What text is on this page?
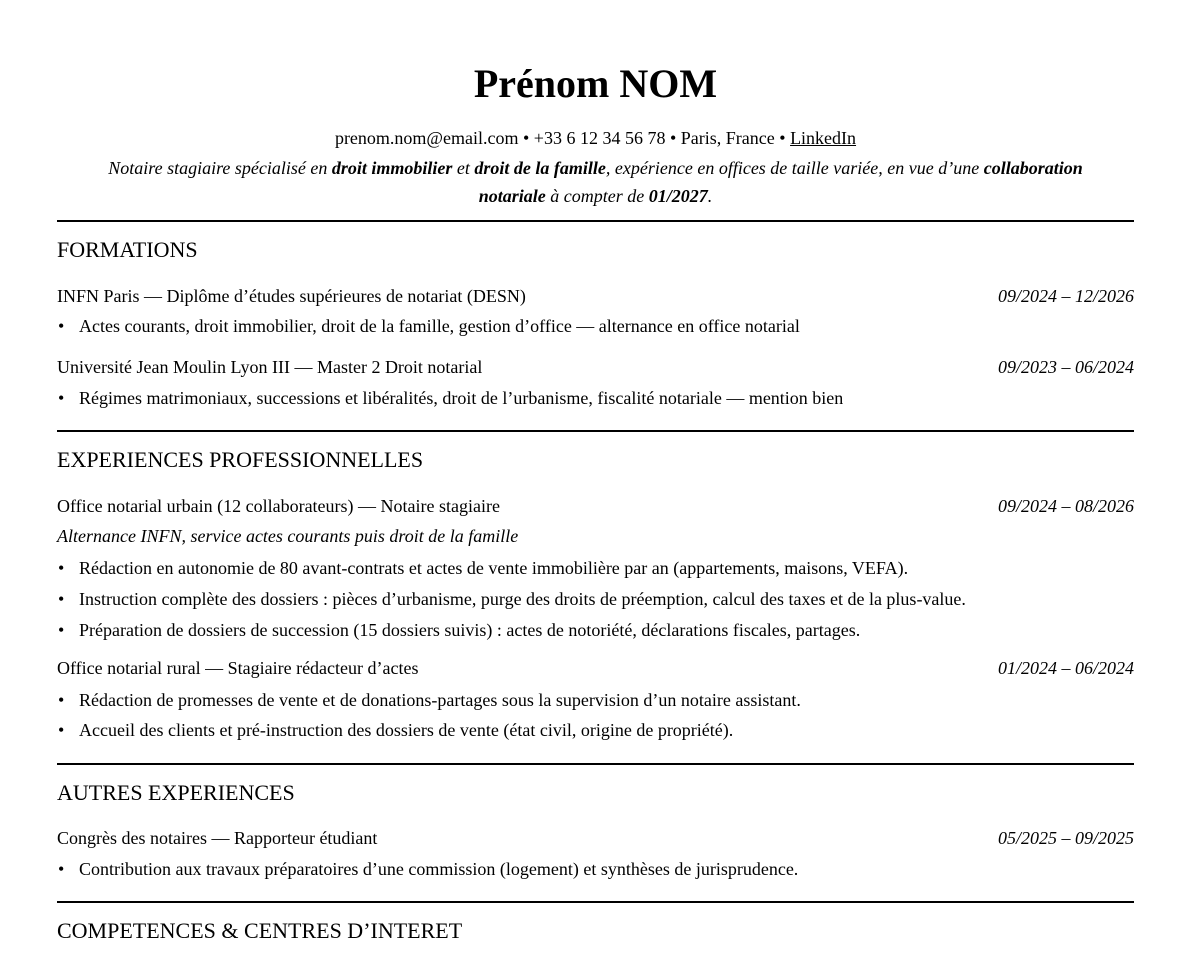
Prénom NOM
prenom.nom@email.com • +33 6 12 34 56 78 • Paris, France • LinkedIn
Notaire stagiaire spécialisé en droit immobilier et droit de la famille, expérience en offices de taille variée, en vue d’une collaboration notariale à compter de 01/2027.
FORMATIONS
INFN Paris — Diplôme d’études supérieures de notariat (DESN)	09/2024 – 12/2026
• Actes courants, droit immobilier, droit de la famille, gestion d’office — alternance en office notarial
Université Jean Moulin Lyon III — Master 2 Droit notarial	09/2023 – 06/2024
• Régimes matrimoniaux, successions et libéralités, droit de l’urbanisme, fiscalité notariale — mention bien
EXPERIENCES PROFESSIONNELLES
Office notarial urbain (12 collaborateurs) — Notaire stagiaire	09/2024 – 08/2026
Alternance INFN, service actes courants puis droit de la famille
• Rédaction en autonomie de 80 avant-contrats et actes de vente immobilière par an (appartements, maisons, VEFA).
• Instruction complète des dossiers : pièces d’urbanisme, purge des droits de préemption, calcul des taxes et de la plus-value.
• Préparation de dossiers de succession (15 dossiers suivis) : actes de notoriété, déclarations fiscales, partages.
Office notarial rural — Stagiaire rédacteur d’actes	01/2024 – 06/2024
• Rédaction de promesses de vente et de donations-partages sous la supervision d’un notaire assistant.
• Accueil des clients et pré-instruction des dossiers de vente (état civil, origine de propriété).
AUTRES EXPERIENCES
Congrès des notaires — Rapporteur étudiant	05/2025 – 09/2025
• Contribution aux travaux préparatoires d’une commission (logement) et synthèses de jurisprudence.
COMPETENCES & CENTRES D’INTERET
